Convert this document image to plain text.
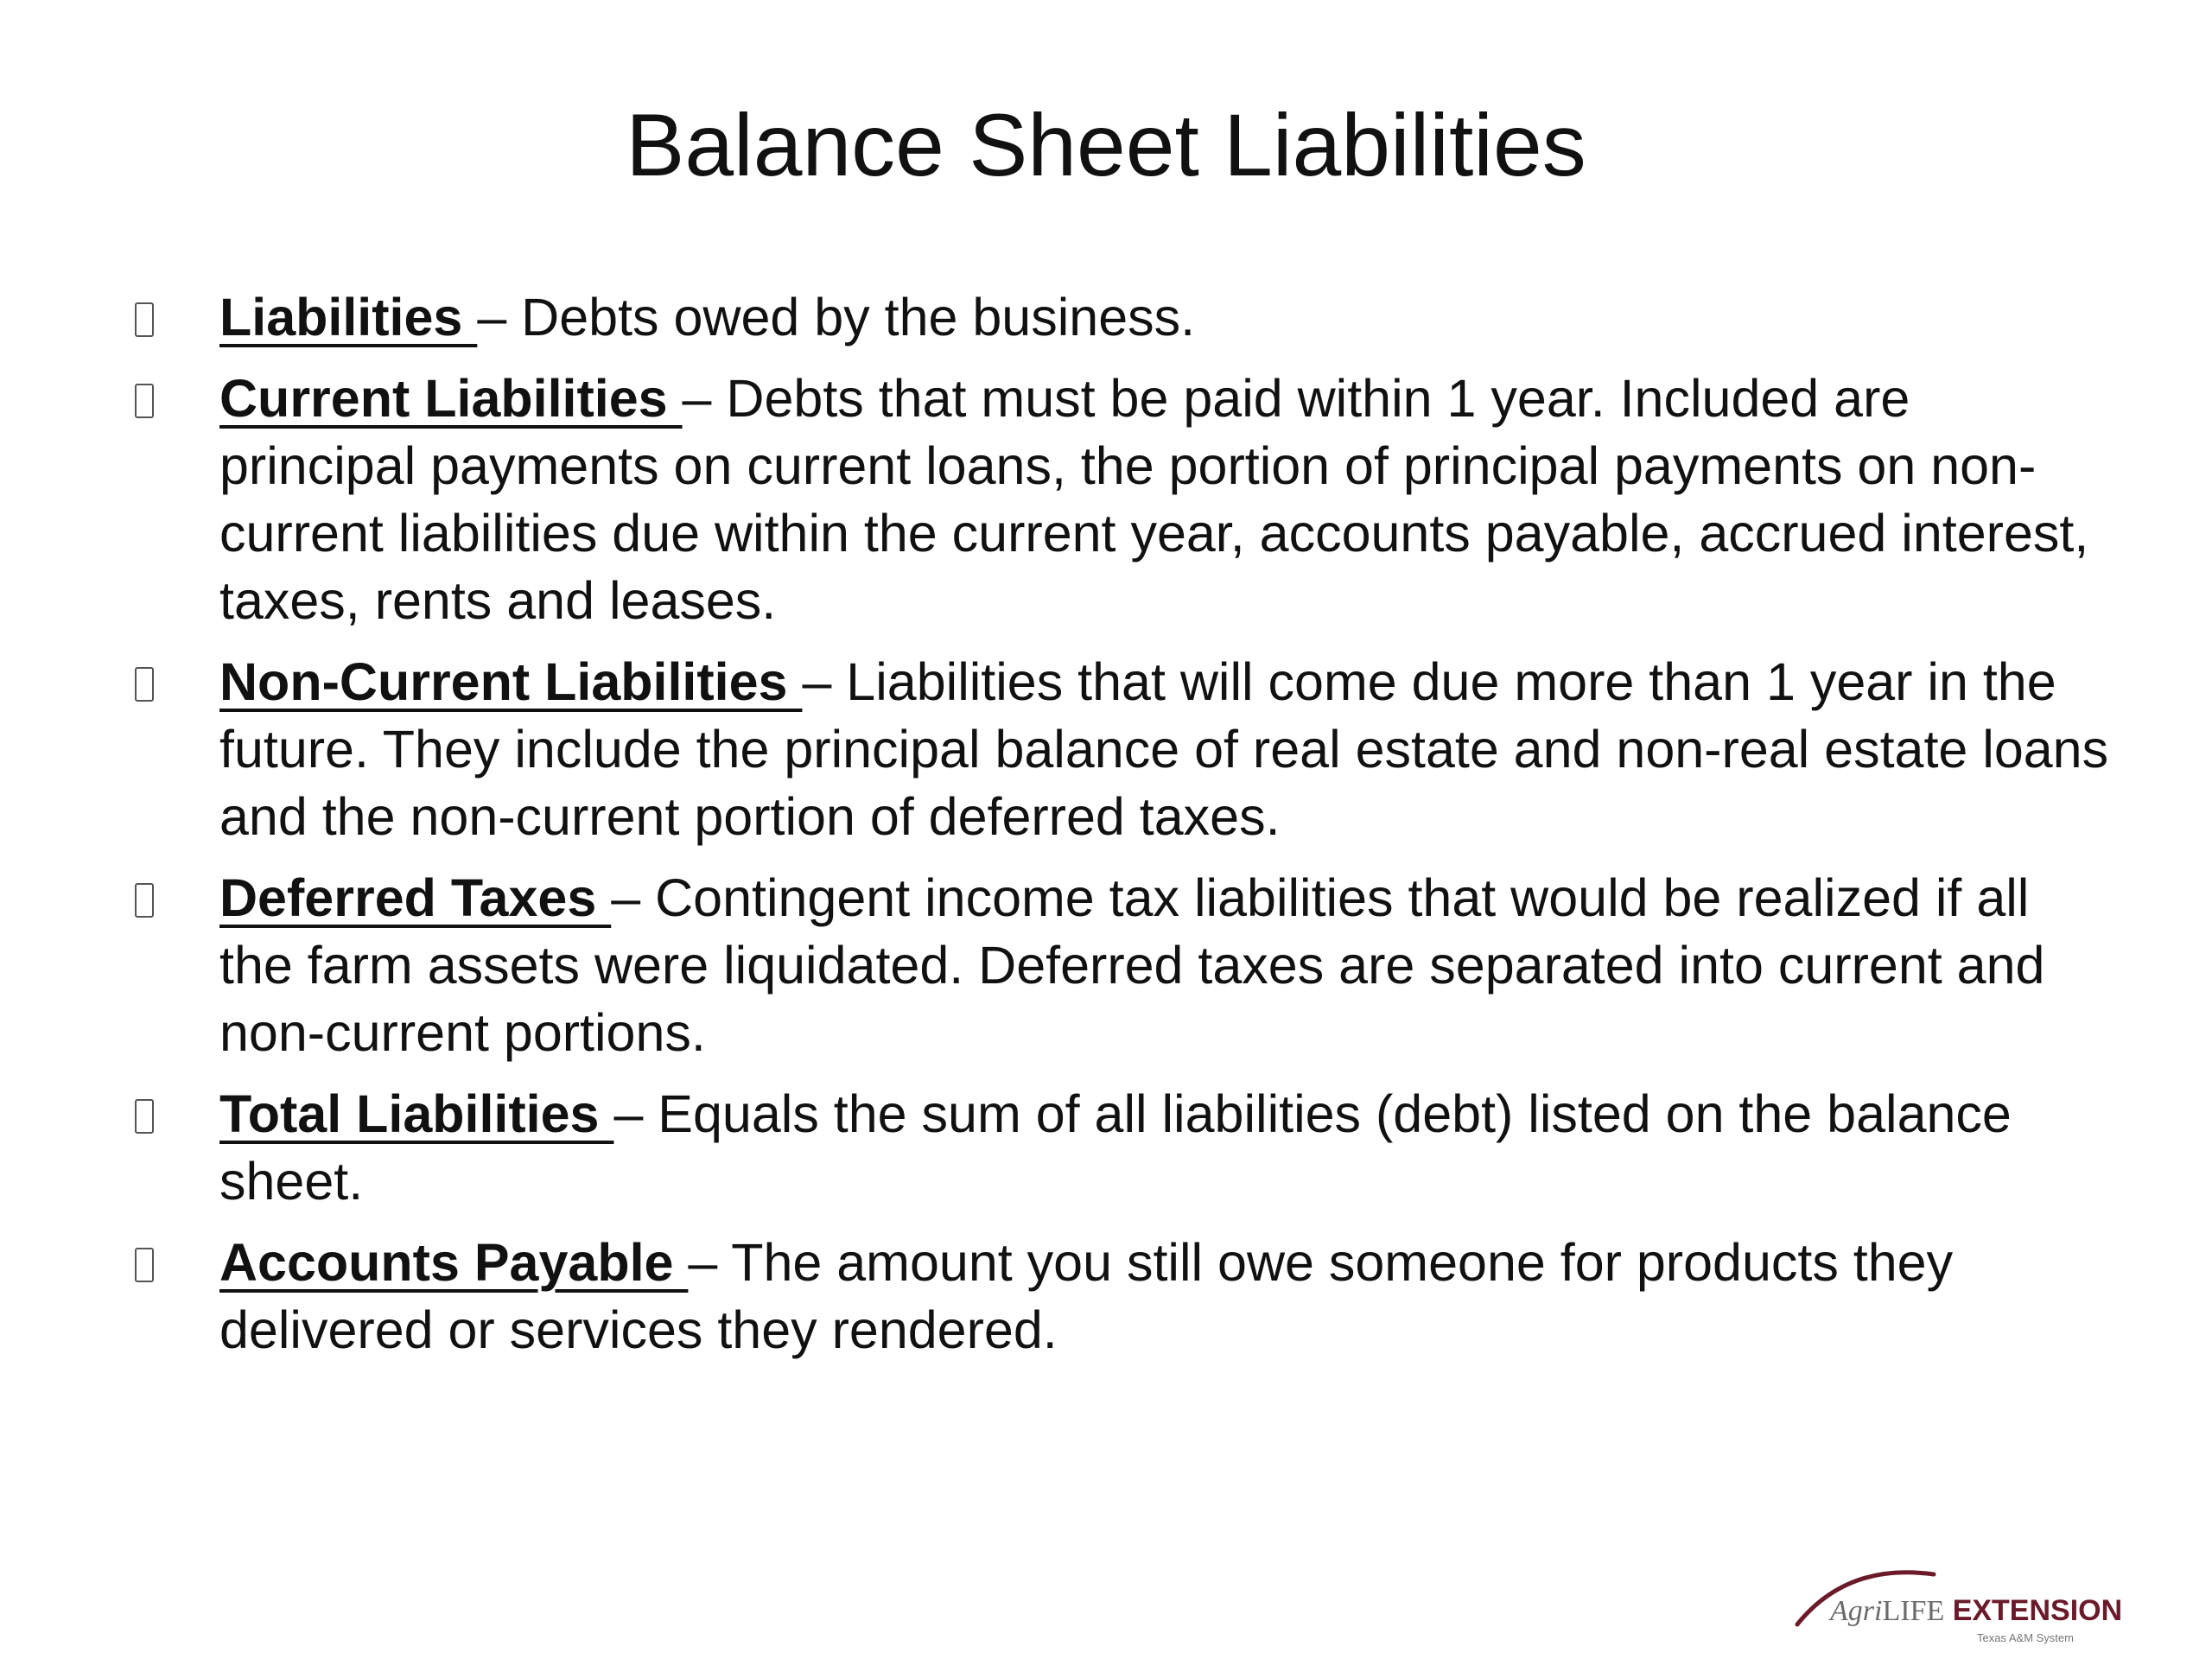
Balance Sheet Liabilities
Liabilities – Debts owed by the business.
Current Liabilities – Debts that must be paid within 1 year. Included are principal payments on current loans, the portion of principal payments on non-current liabilities due within the current year, accounts payable, accrued interest, taxes, rents and leases.
Non-Current Liabilities – Liabilities that will come due more than 1 year in the future. They include the principal balance of real estate and non-real estate loans and the non-current portion of deferred taxes.
Deferred Taxes – Contingent income tax liabilities that would be realized if all the farm assets were liquidated. Deferred taxes are separated into current and non-current portions.
Total Liabilities – Equals the sum of all liabilities (debt) listed on the balance sheet.
Accounts Payable – The amount you still owe someone for products they delivered or services they rendered.
AgriLIFE EXTENSION
Texas A&M System
